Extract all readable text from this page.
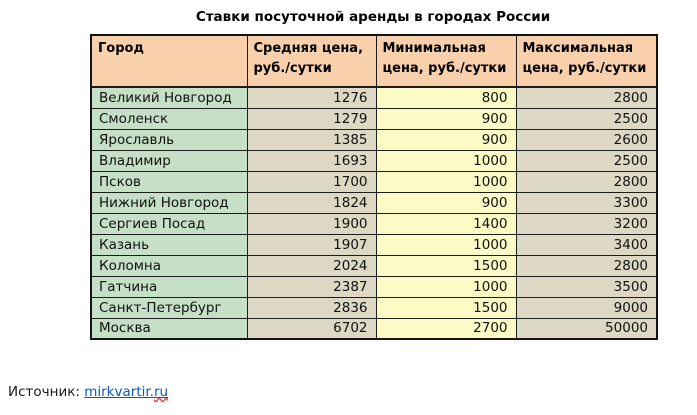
Ставки посуточной аренды в городах России
Город	Средняя цена, руб./сутки	Минимальная цена, руб./сутки	Максимальная цена, руб./сутки
Великий Новгород	1276	800	2800
Смоленск	1279	900	2500
Ярославль	1385	900	2600
Владимир	1693	1000	2500
Псков	1700	1000	2800
Нижний Новгород	1824	900	3300
Сергиев Посад	1900	1400	3200
Казань	1907	1000	3400
Коломна	2024	1500	2800
Гатчина	2387	1000	3500
Санкт-Петербург	2836	1500	9000
Москва	6702	2700	50000
Источник: mirkvartir.ru
